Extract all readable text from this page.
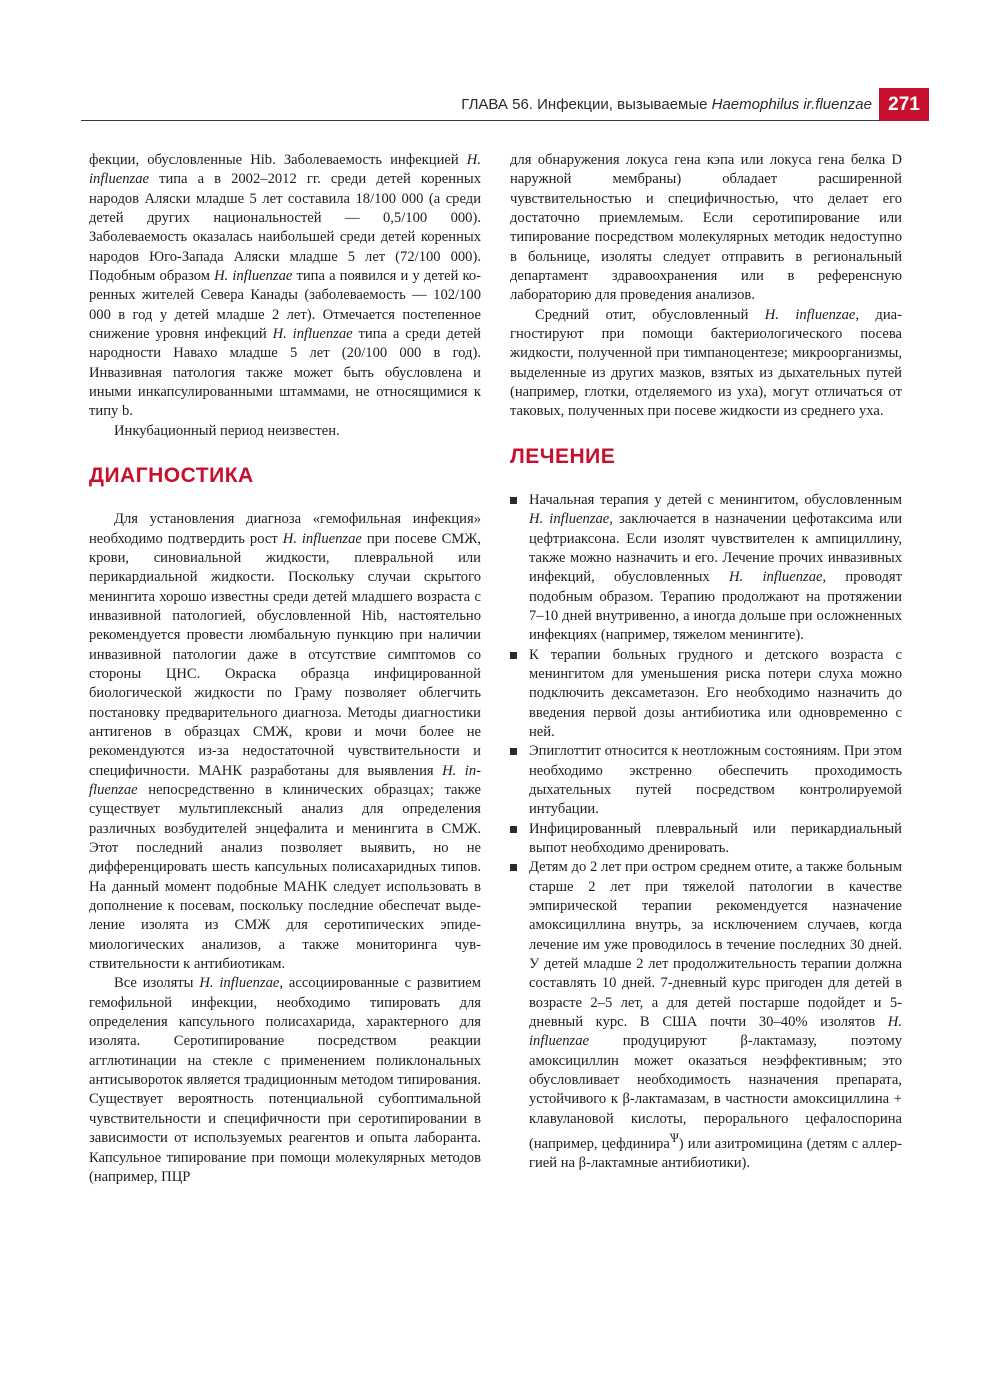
ГЛАВА 56. Инфекции, вызываемые Haemophilus ir.fluenzae 271

фекции, обусловленные Hib. Заболеваемость инфекцией H. influenzae типа a в 2002–2012 гг. среди детей коренных народов Аляски младше 5 лет составила 18/100 000 (а среди детей других национальностей — 0,5/100 000). Заболеваемость оказалась наибольшей среди детей коренных народов Юго-Запада Аляски младше 5 лет (72/100 000). Подобным образом H. influenzae типа a появился и у детей коренных жителей Севера Канады (заболеваемость — 102/100 000 в год у детей младше 2 лет). Отмечается постепенное снижение уровня инфекций H. influenzae типа a среди детей народности Навахо младше 5 лет (20/100 000 в год). Инвазивная патология также может быть обусловлена и иными инкапсулированными штаммами, не относящимися к типу b.

Инкубационный период неизвестен.

ДИАГНОСТИКА

Для установления диагноза «гемофильная инфекция» необходимо подтвердить рост H. influenzae при посеве СМЖ, крови, синовиальной жидкости, плевральной или перикардиальной жидкости. Поскольку случаи скрытого менингита хорошо известны среди детей младшего возраста с инвазивной патологией, обусловленной Hib, настоятельно рекомендуется провести люмбальную пункцию при наличии инвазивной патологии даже в отсутствие симптомов со стороны ЦНС. Окраска образца инфицированной биологической жидкости по Граму позволяет облегчить постановку предварительного диагноза. Методы диагностики антигенов в образцах СМЖ, крови и мочи более не рекомендуются из-за недостаточной чувствительности и специфичности. МАНК разработаны для выявления H. influenzae непосредственно в клинических образцах; также существует мультиплексный анализ для определения различных возбудителей энцефалита и менингита в СМЖ. Этот последний анализ позволяет выявить, но не дифференцировать шесть капсульных полисахаридных типов. На данный момент подобные МАНК следует использовать в дополнение к посевам, поскольку последние обеспечат выделение изолята из СМЖ для серотипических эпидемиологических анализов, а также мониторинга чувствительности к антибиотикам.

Все изоляты H. influenzae, ассоциированные с развитием гемофильной инфекции, необходимо типировать для определения капсульного полисахарида, характерного для изолята. Серотипирование посредством реакции агглютинации на стекле с применением поликлональных антисывороток является традиционным методом типирования. Существует вероятность потенциальной субоптимальной чувствительности и специфичности при серотипировании в зависимости от используемых реагентов и опыта лаборанта. Капсульное типирование при помощи молекулярных методов (например, ПЦР

для обнаружения локуса гена кэпа или локуса гена белка D наружной мембраны) обладает расширенной чувствительностью и специфичностью, что делает его достаточно приемлемым. Если серотипирование или типирование посредством молекулярных методик недоступно в больнице, изоляты следует отправить в региональный департамент здравоохранения или в референсную лабораторию для проведения анализов.

Средний отит, обусловленный H. influenzae, диагностируют при помощи бактериологического посева жидкости, полученной при тимпаноцентезе; микроорганизмы, выделенные из других мазков, взятых из дыхательных путей (например, глотки, отделяемого из уха), могут отличаться от таковых, полученных при посеве жидкости из среднего уха.

ЛЕЧЕНИЕ
Начальная терапия у детей с менингитом, обусловленным H. influenzae, заключается в назначении цефотаксима или цефтриаксона. Если изолят чувствителен к ампициллину, также можно назначить и его. Лечение прочих инвазивных инфекций, обусловленных H. influenzae, проводят подобным образом. Терапию продолжают на протяжении 7–10 дней внутривенно, а иногда дольше при осложненных инфекциях (например, тяжелом менингите).
К терапии больных грудного и детского возраста с менингитом для уменьшения риска потери слуха можно подключить дексаметазон. Его необходимо назначить до введения первой дозы антибиотика или одновременно с ней.
Эпиглоттит относится к неотложным состояниям. При этом необходимо экстренно обеспечить проходимость дыхательных путей посредством контролируемой интубации.
Инфицированный плевральный или перикардиальный выпот необходимо дренировать.
Детям до 2 лет при остром среднем отите, а также больным старше 2 лет при тяжелой патологии в качестве эмпирической терапии рекомендуется назначение амоксициллина внутрь, за исключением случаев, когда лечение им уже проводилось в течение последних 30 дней. У детей младше 2 лет продолжительность терапии должна составлять 10 дней. 7-дневный курс пригоден для детей в возрасте 2–5 лет, а для детей постарше подойдет и 5-дневный курс. В США почти 30–40% изолятов H. influenzae продуцируют β-лактамазу, поэтому амоксициллин может оказаться неэффективным; это обусловливает необходимость назначения препарата, устойчивого к β-лактамазам, в частности амоксициллина + клавулановой кислоты, перорального цефалоспорина (например, цефдинира$^Ѱ$) или азитромицина (детям с аллергией на β-лактамные антибиотики).
